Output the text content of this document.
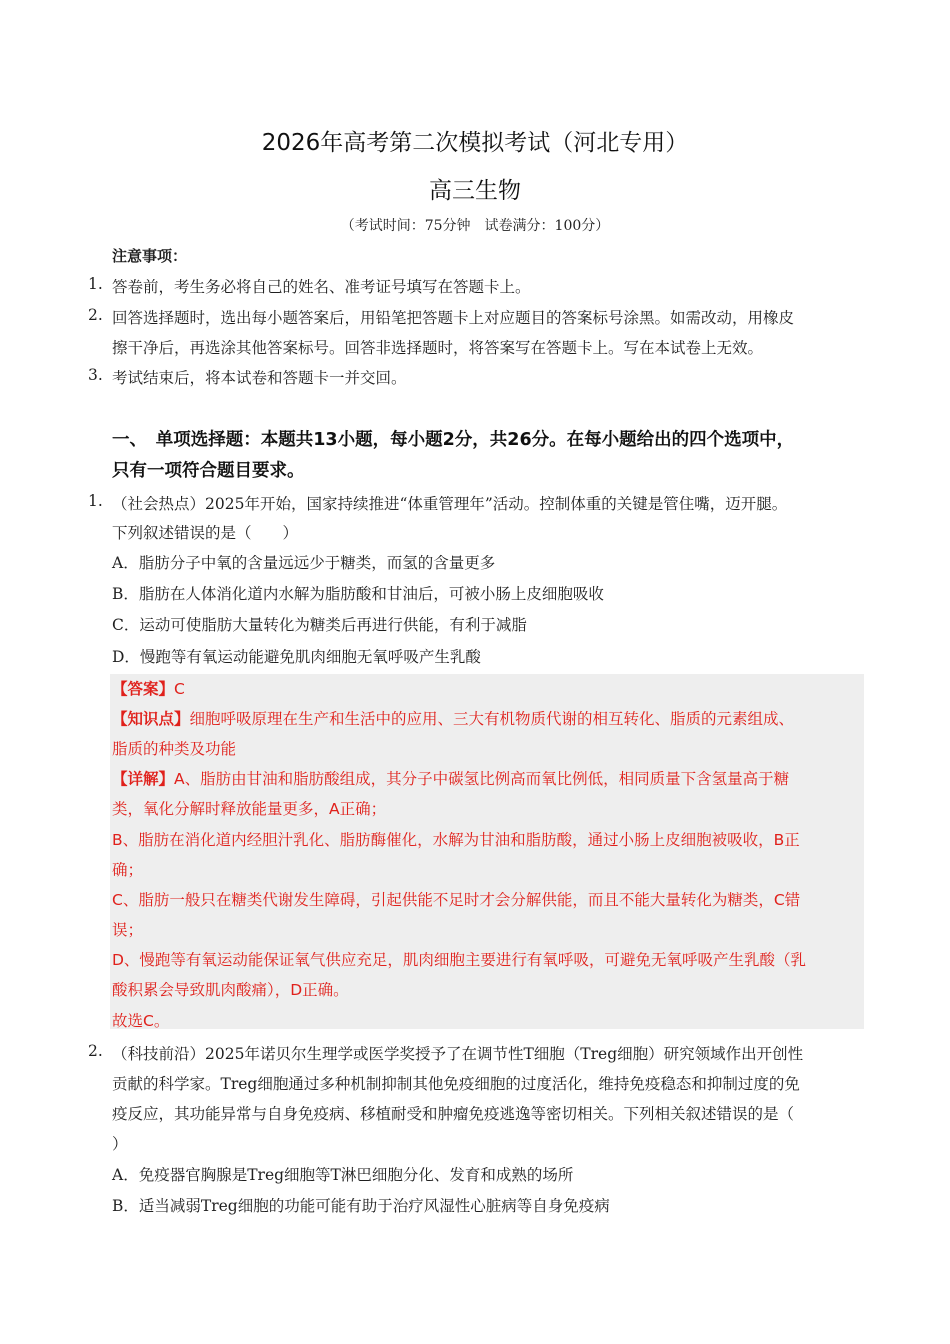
2026年高考第二次模拟考试（河北专用）
高三生物
（考试时间：75分钟　试卷满分：100分）
注意事项：
1. 答卷前，考生务必将自己的姓名、准考证号填写在答题卡上。
2. 回答选择题时，选出每小题答案后，用铅笔把答题卡上对应题目的答案标号涂黑。如需改动，用橡皮
擦干净后，再选涂其他答案标号。回答非选择题时，将答案写在答题卡上。写在本试卷上无效。
3. 考试结束后，将本试卷和答题卡一并交回。
一、　单项选择题：本题共13小题，每小题2分，共26分。在每小题给出的四个选项中，
只有一项符合题目要求。
1. （社会热点）2025年开始，国家持续推进“体重管理年”活动。控制体重的关键是管住嘴，迈开腿。
下列叙述错误的是（　　）
A．脂肪分子中氧的含量远远少于糖类，而氢的含量更多
B．脂肪在人体消化道内水解为脂肪酸和甘油后，可被小肠上皮细胞吸收
C．运动可使脂肪大量转化为糖类后再进行供能，有利于减脂
D．慢跑等有氧运动能避免肌肉细胞无氧呼吸产生乳酸
【答案】C
【知识点】细胞呼吸原理在生产和生活中的应用、三大有机物质代谢的相互转化、脂质的元素组成、
脂质的种类及功能
【详解】A、脂肪由甘油和脂肪酸组成，其分子中碳氢比例高而氧比例低，相同质量下含氢量高于糖
类，氧化分解时释放能量更多，A正确；
B、脂肪在消化道内经胆汁乳化、脂肪酶催化，水解为甘油和脂肪酸，通过小肠上皮细胞被吸收，B正
确；
C、脂肪一般只在糖类代谢发生障碍，引起供能不足时才会分解供能，而且不能大量转化为糖类，C错
误；
D、慢跑等有氧运动能保证氧气供应充足，肌肉细胞主要进行有氧呼吸，可避免无氧呼吸产生乳酸（乳
酸积累会导致肌肉酸痛），D正确。
故选C。
2. （科技前沿）2025年诺贝尔生理学或医学奖授予了在调节性T细胞（Treg细胞）研究领域作出开创性
贡献的科学家。Treg细胞通过多种机制抑制其他免疫细胞的过度活化，维持免疫稳态和抑制过度的免
疫反应，其功能异常与自身免疫病、移植耐受和肿瘤免疫逃逸等密切相关。下列相关叙述错误的是（
）
A．免疫器官胸腺是Treg细胞等T淋巴细胞分化、发育和成熟的场所
B．适当减弱Treg细胞的功能可能有助于治疗风湿性心脏病等自身免疫病
